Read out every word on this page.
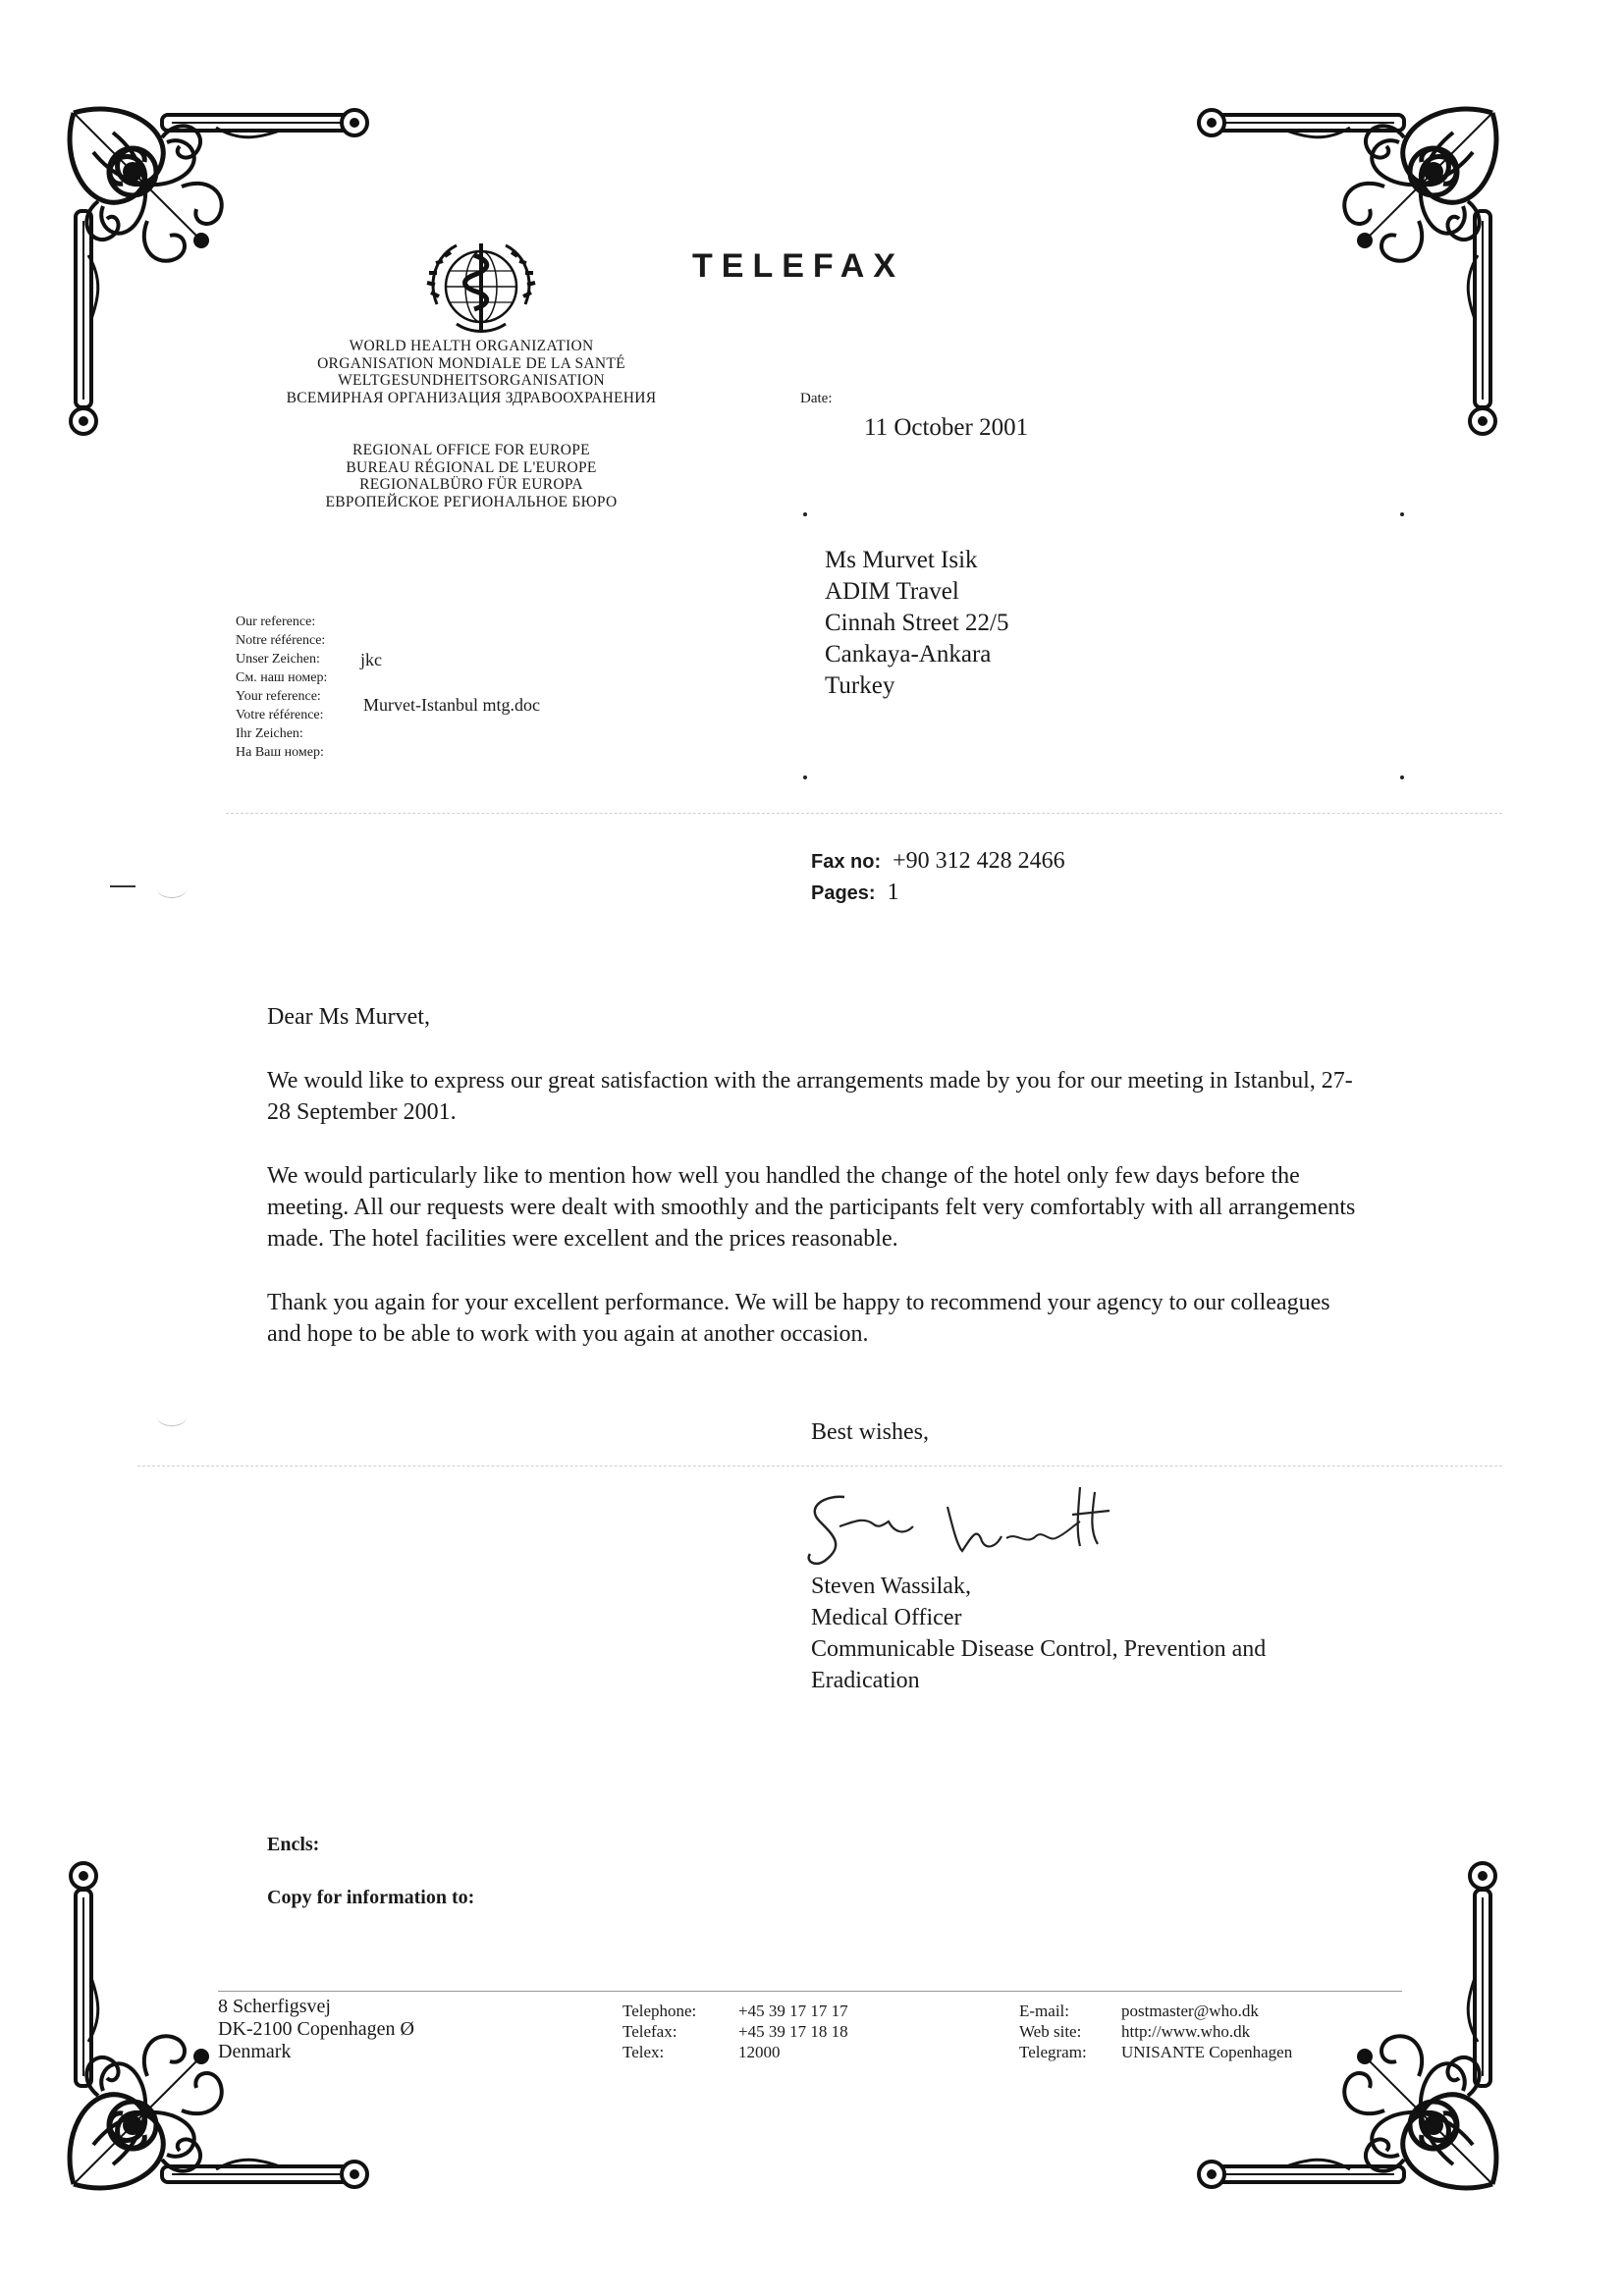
TELEFAX
WORLD HEALTH ORGANIZATION
ORGANISATION MONDIALE DE LA SANTÉ
WELTGESUNDHEITSORGANISATION
ВСЕМИРНАЯ ОРГАНИЗАЦИЯ ЗДРАВООХРАНЕНИЯ
REGIONAL OFFICE FOR EUROPE
BUREAU RÉGIONAL DE L'EUROPE
REGIONALBÜRO FÜR EUROPA
ЕВРОПЕЙСКОЕ РЕГИОНАЛЬНОЕ БЮРО
Date:
11 October 2001
Ms Murvet Isik
ADIM Travel
Cinnah Street 22/5
Cankaya-Ankara
Turkey
Our reference:
Notre référence:
Unser Zeichen:
См. наш номер:
Your reference:
Votre référence:
Ihr Zeichen:
На Ваш номер:
jkc
Murvet-Istanbul mtg.doc
Fax no: +90 312 428 2466
Pages: 1

Dear Ms Murvet,

We would like to express our great satisfaction with the arrangements made by you for our meeting in Istanbul, 27-28 September 2001.

We would particularly like to mention how well you handled the change of the hotel only few days before the meeting. All our requests were dealt with smoothly and the participants felt very comfortably with all arrangements made. The hotel facilities were excellent and the prices reasonable.

Thank you again for your excellent performance. We will be happy to recommend your agency to our colleagues and hope to be able to work with you again at another occasion.

Best wishes,
Steven Wassilak,
Medical Officer
Communicable Disease Control, Prevention and
Eradication
Encls:
Copy for information to:
8 Scherfigsvej
DK-2100 Copenhagen Ø
Denmark
Telephone:
Telefax:
Telex:
+45 39 17 17 17
+45 39 17 18 18
12000
E-mail:
Web site:
Telegram:
postmaster@who.dk
http://www.who.dk
UNISANTE Copenhagen
